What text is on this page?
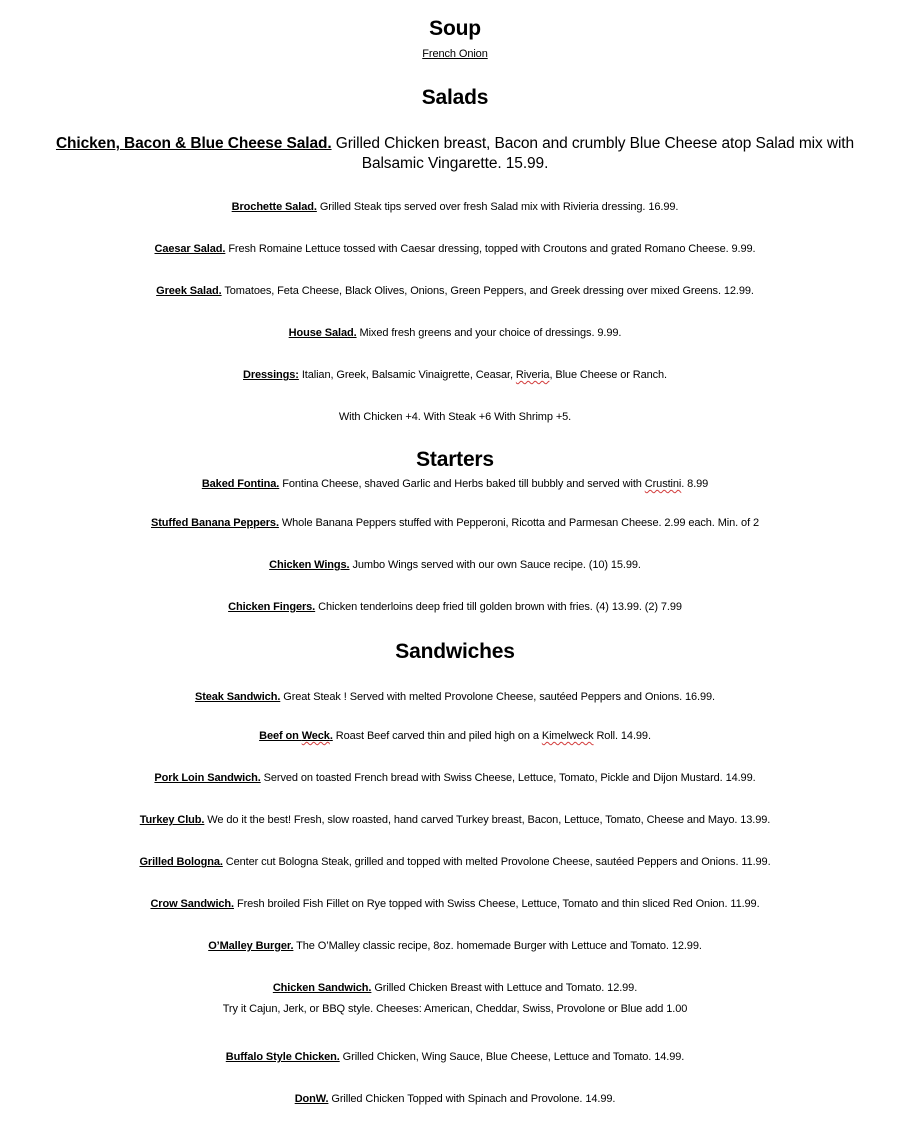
Soup
French Onion
Salads
Chicken, Bacon & Blue Cheese Salad. Grilled Chicken breast, Bacon and crumbly Blue Cheese atop Salad mix with Balsamic Vingarette. 15.99.
Brochette Salad. Grilled Steak tips served over fresh Salad mix with Rivieria dressing. 16.99.
Caesar Salad. Fresh Romaine Lettuce tossed with Caesar dressing, topped with Croutons and grated Romano Cheese. 9.99.
Greek Salad. Tomatoes, Feta Cheese, Black Olives, Onions, Green Peppers, and Greek dressing over mixed Greens. 12.99.
House Salad. Mixed fresh greens and your choice of dressings. 9.99.
Dressings: Italian, Greek, Balsamic Vinaigrette, Ceasar, Riveria, Blue Cheese or Ranch.
With Chicken +4. With Steak +6 With Shrimp +5.
Starters
Baked Fontina. Fontina Cheese, shaved Garlic and Herbs baked till bubbly and served with Crustini. 8.99
Stuffed Banana Peppers. Whole Banana Peppers stuffed with Pepperoni, Ricotta and Parmesan Cheese. 2.99 each. Min. of 2
Chicken Wings. Jumbo Wings served with our own Sauce recipe. (10) 15.99.
Chicken Fingers. Chicken tenderloins deep fried till golden brown with fries. (4) 13.99. (2) 7.99
Sandwiches
Steak Sandwich. Great Steak ! Served with melted Provolone Cheese, sautéed Peppers and Onions. 16.99.
Beef on Weck. Roast Beef carved thin and piled high on a Kimelweck Roll. 14.99.
Pork Loin Sandwich. Served on toasted French bread with Swiss Cheese, Lettuce, Tomato, Pickle and Dijon Mustard. 14.99.
Turkey Club. We do it the best! Fresh, slow roasted, hand carved Turkey breast, Bacon, Lettuce, Tomato, Cheese and Mayo. 13.99.
Grilled Bologna. Center cut Bologna Steak, grilled and topped with melted Provolone Cheese, sautéed Peppers and Onions. 11.99.
Crow Sandwich. Fresh broiled Fish Fillet on Rye topped with Swiss Cheese, Lettuce, Tomato and thin sliced Red Onion. 11.99.
O’Malley Burger. The O’Malley classic recipe, 8oz. homemade Burger with Lettuce and Tomato. 12.99.
Chicken Sandwich. Grilled Chicken Breast with Lettuce and Tomato. 12.99.
Try it Cajun, Jerk, or BBQ style. Cheeses: American, Cheddar, Swiss, Provolone or Blue add 1.00
Buffalo Style Chicken. Grilled Chicken, Wing Sauce, Blue Cheese, Lettuce and Tomato. 14.99.
DonW. Grilled Chicken Topped with Spinach and Provolone. 14.99.
